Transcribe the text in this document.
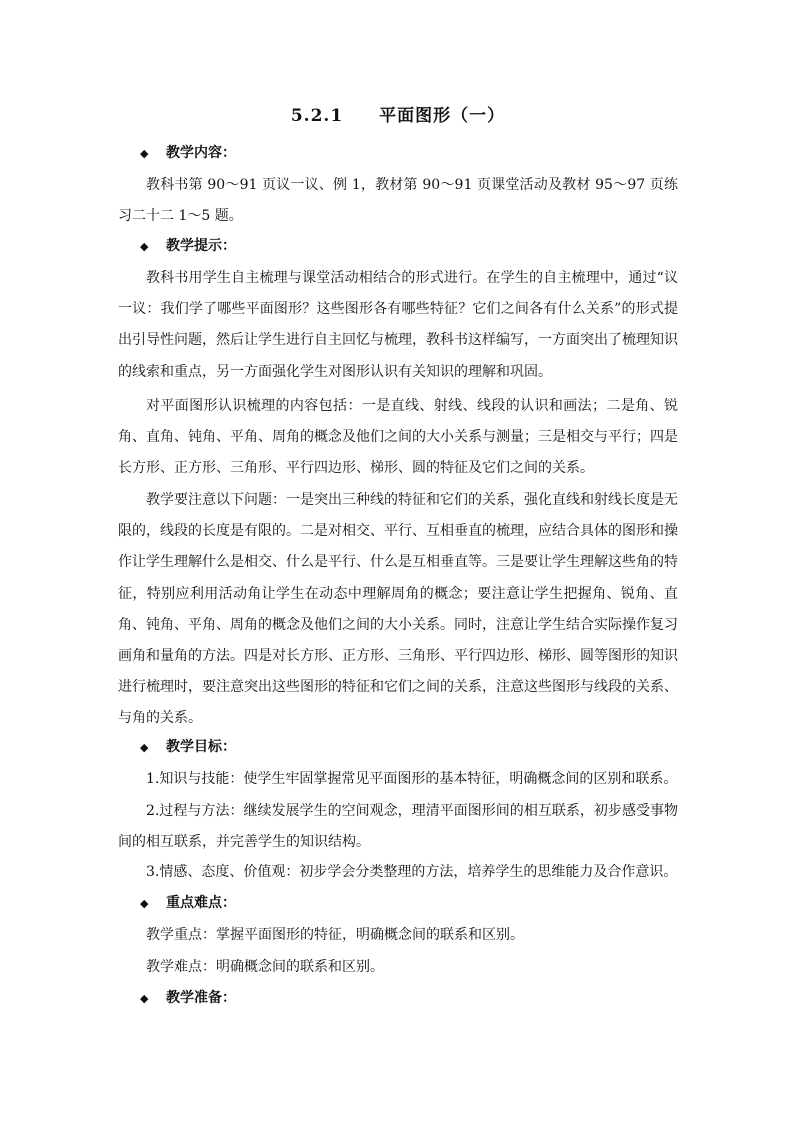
5.2.1　　平面图形（一）
◆ 教学内容：
教科书第 90～91 页议一议、例 1，教材第 90～91 页课堂活动及教材 95～97 页练习二十二 1～5 题。
◆ 教学提示：
教科书用学生自主梳理与课堂活动相结合的形式进行。在学生的自主梳理中，通过“议一议：我们学了哪些平面图形？这些图形各有哪些特征？它们之间各有什么关系”的形式提出引导性问题，然后让学生进行自主回忆与梳理，教科书这样编写，一方面突出了梳理知识的线索和重点，另一方面强化学生对图形认识有关知识的理解和巩固。
对平面图形认识梳理的内容包括：一是直线、射线、线段的认识和画法；二是角、锐角、直角、钝角、平角、周角的概念及他们之间的大小关系与测量；三是相交与平行；四是长方形、正方形、三角形、平行四边形、梯形、圆的特征及它们之间的关系。
教学要注意以下问题：一是突出三种线的特征和它们的关系，强化直线和射线长度是无限的，线段的长度是有限的。二是对相交、平行、互相垂直的梳理，应结合具体的图形和操作让学生理解什么是相交、什么是平行、什么是互相垂直等。三是要让学生理解这些角的特征，特别应利用活动角让学生在动态中理解周角的概念；要注意让学生把握角、锐角、直角、钝角、平角、周角的概念及他们之间的大小关系。同时，注意让学生结合实际操作复习画角和量角的方法。四是对长方形、正方形、三角形、平行四边形、梯形、圆等图形的知识进行梳理时，要注意突出这些图形的特征和它们之间的关系，注意这些图形与线段的关系、与角的关系。
◆ 教学目标：
1.知识与技能：使学生牢固掌握常见平面图形的基本特征，明确概念间的区别和联系。
2.过程与方法：继续发展学生的空间观念，理清平面图形间的相互联系，初步感受事物间的相互联系，并完善学生的知识结构。
3.情感、态度、价值观：初步学会分类整理的方法，培养学生的思维能力及合作意识。
◆ 重点难点：
教学重点：掌握平面图形的特征，明确概念间的联系和区别。
教学难点：明确概念间的联系和区别。
◆ 教学准备：
